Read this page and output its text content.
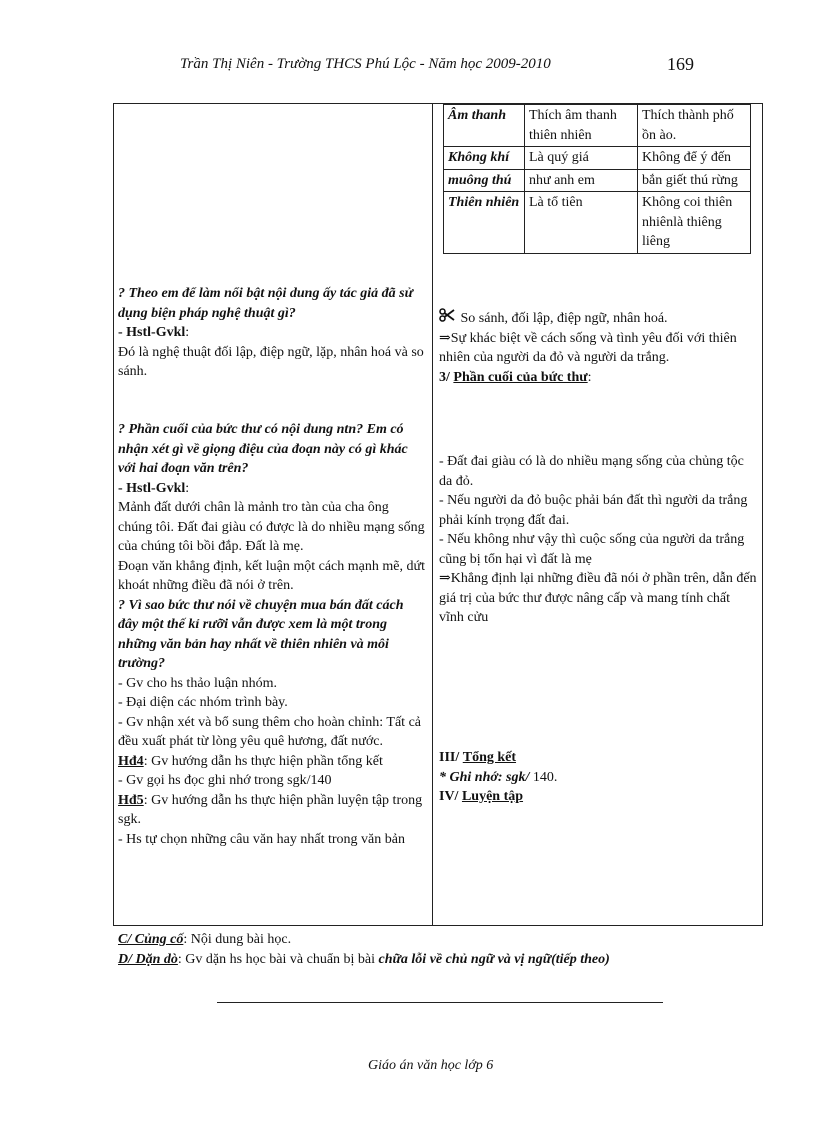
Trần Thị Niên - Trường THCS Phú Lộc - Năm học 2009-2010	169
Âm thanh	Thích âm thanh thiên nhiên	Thích thành phố ồn ào.
Không khí	Là quý giá	Không để ý đến
muông thú	như anh em	bắn giết thú rừng
Thiên nhiên	Là tổ tiên	Không coi thiên nhiênlà thiêng liêng
? Theo em để làm nổi bật nội dung ấy tác giả đã sử dụng biện pháp nghệ thuật gì?
- Hstl-Gvkl:
Đó là nghệ thuật đối lập, điệp ngữ, lặp, nhân hoá và so sánh.
? Phần cuối của bức thư có nội dung ntn? Em có nhận xét gì về giọng điệu của đoạn này có gì khác với hai đoạn văn trên?
- Hstl-Gvkl:
Mảnh đất dưới chân là mảnh tro tàn của cha ông chúng tôi. Đất đai giàu có được là do nhiều mạng sống của chúng tôi bồi đắp. Đất là mẹ.
Đoạn văn khẳng định, kết luận một cách mạnh mẽ, dứt khoát những điều đã nói ở trên.
? Vì sao bức thư nói về chuyện mua bán đất cách đây một thế kỉ rưỡi vẫn được xem là một trong những văn bản hay nhất về thiên nhiên và môi trường?
- Gv cho hs thảo luận nhóm.
- Đại diện các nhóm trình bày.
- Gv nhận xét và bổ sung thêm cho hoàn chỉnh: Tất cả đều xuất phát từ lòng yêu quê hương, đất nước.
Hđ4: Gv hướng dẫn hs thực hiện phần tổng kết
- Gv gọi hs đọc ghi nhớ trong sgk/140
Hđ5: Gv hướng dẫn hs thực hiện phần luyện tập trong sgk.
- Hs tự chọn những câu văn hay nhất trong văn bản
So sánh, đối lập, điệp ngữ, nhân hoá.
⇒Sự khác biệt về cách sống và tình yêu đối với thiên nhiên của người da đỏ và người da trắng.
3/ Phần cuối của bức thư:
- Đất đai giàu có là do nhiều mạng sống của chủng tộc da đỏ.
- Nếu người da đỏ buộc phải bán đất thì người da trắng phải kính trọng đất đai.
- Nếu không như vậy thì cuộc sống của người da trắng cũng bị tổn hại vì đất là mẹ
⇒Khẳng định lại những điều đã nói ở phần trên, dẫn đến giá trị của bức thư được nâng cấp và mang tính chất vĩnh cửu
III/ Tổng kết
* Ghi nhớ: sgk/ 140.
IV/ Luyện tập
C/ Củng cố: Nội dung bài học.
D/ Dặn dò: Gv dặn hs học bài và chuẩn bị bài chữa lỗi về chủ ngữ và vị ngữ(tiếp theo)
Giáo án văn học lớp 6
